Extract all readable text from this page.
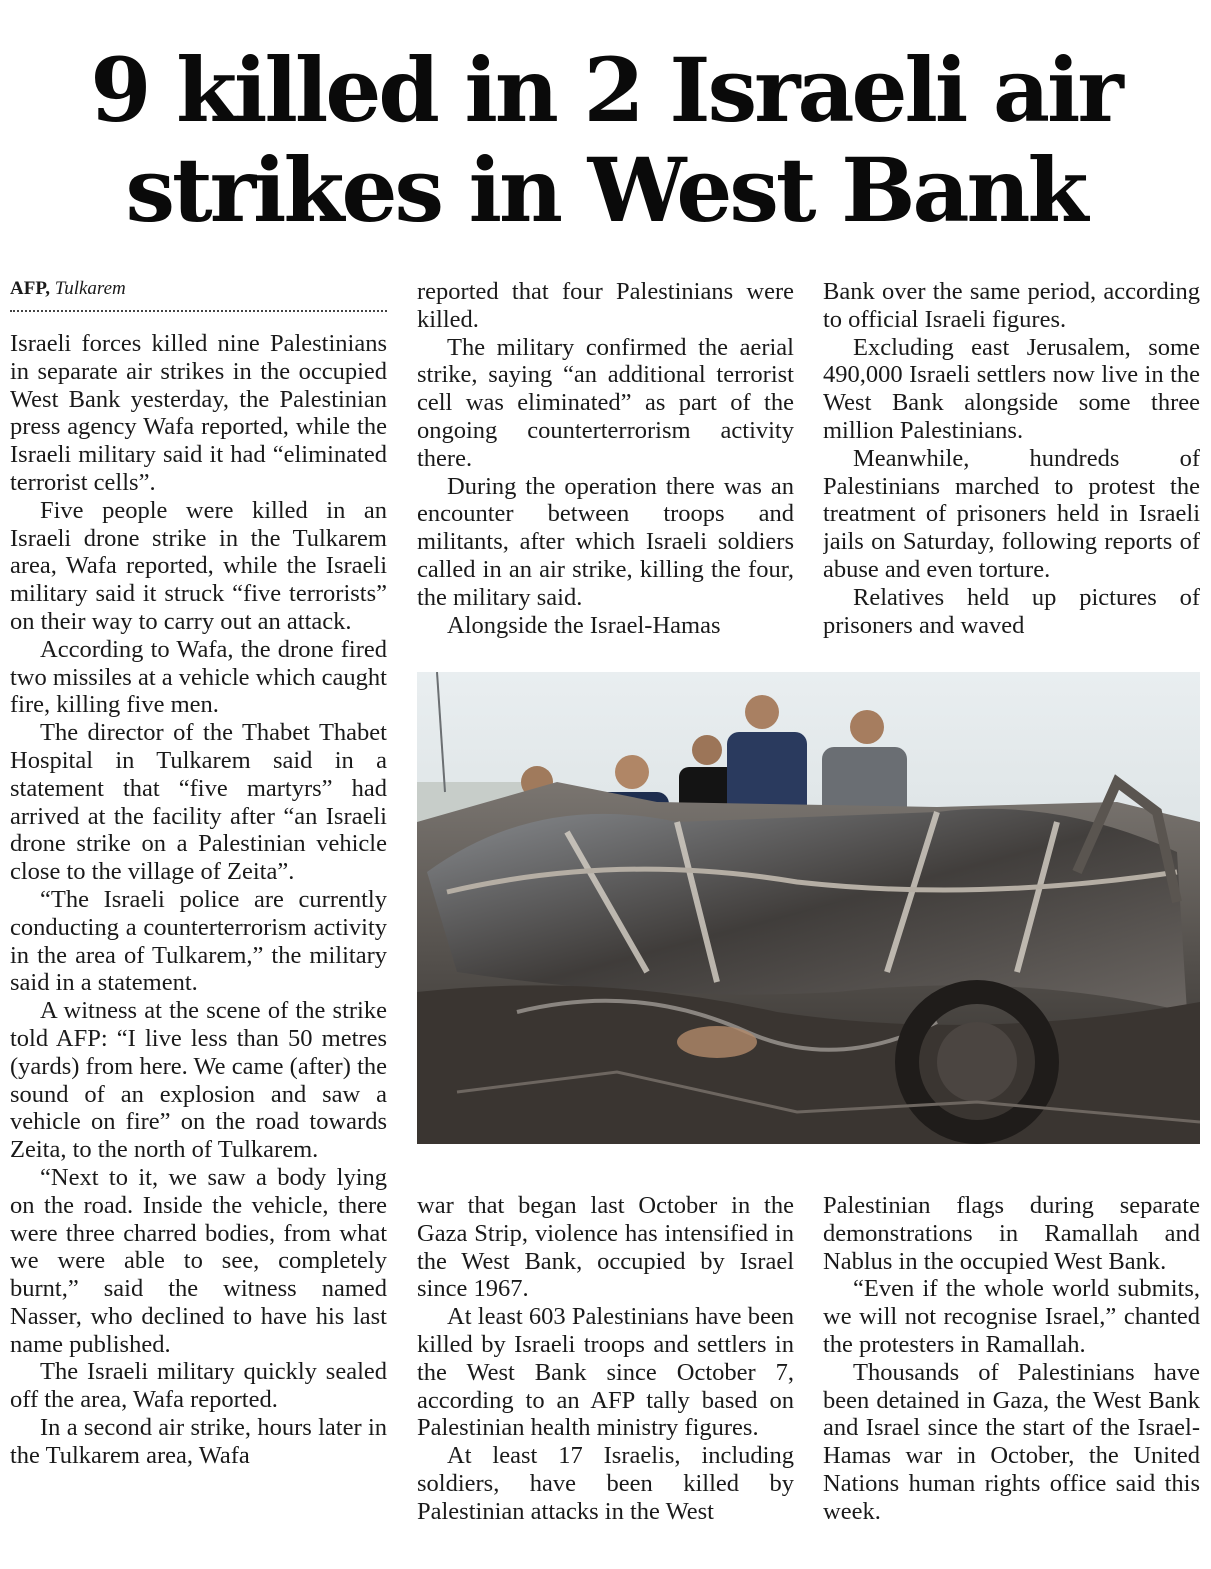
9 killed in 2 Israeli air
strikes in West Bank
AFP, Tulkarem

Israeli forces killed nine Palestinians in separate air strikes in the occupied West Bank yesterday, the Palestinian press agency Wafa reported, while the Israeli military said it had “eliminated terrorist cells”.

Five people were killed in an Israeli drone strike in the Tulkarem area, Wafa reported, while the Israeli military said it struck “five terrorists” on their way to carry out an attack.

According to Wafa, the drone fired two missiles at a vehicle which caught fire, killing five men.

The director of the Thabet Thabet Hospital in Tulkarem said in a statement that “five martyrs” had arrived at the facility after “an Israeli drone strike on a Palestinian vehicle close to the village of Zeita”.

“The Israeli police are currently conducting a counterterrorism activity in the area of Tulkarem,” the military said in a statement.

A witness at the scene of the strike told AFP: “I live less than 50 metres (yards) from here. We came (after) the sound of an explosion and saw a vehicle on fire” on the road towards Zeita, to the north of Tulkarem.

“Next to it, we saw a body lying on the road. Inside the vehicle, there were three charred bodies, from what we were able to see, completely burnt,” said the witness named Nasser, who declined to have his last name published.

The Israeli military quickly sealed off the area, Wafa reported.

In a second air strike, hours later in the Tulkarem area, Wafa

reported that four Palestinians were killed.

The military confirmed the aerial strike, saying “an additional terrorist cell was eliminated” as part of the ongoing counterterrorism activity there.

During the operation there was an encounter between troops and militants, after which Israeli soldiers called in an air strike, killing the four, the military said.

Alongside the Israel-Hamas

Bank over the same period, according to official Israeli figures.

Excluding east Jerusalem, some 490,000 Israeli settlers now live in the West Bank alongside some three million Palestinians.

Meanwhile, hundreds of Palestinians marched to protest the treatment of prisoners held in Israeli jails on Saturday, following reports of abuse and even torture.

Relatives held up pictures of prisoners and waved

war that began last October in the Gaza Strip, violence has intensified in the West Bank, occupied by Israel since 1967.

At least 603 Palestinians have been killed by Israeli troops and settlers in the West Bank since October 7, according to an AFP tally based on Palestinian health ministry figures.

At least 17 Israelis, including soldiers, have been killed by Palestinian attacks in the West

Palestinian flags during separate demonstrations in Ramallah and Nablus in the occupied West Bank.

“Even if the whole world submits, we will not recognise Israel,” chanted the protesters in Ramallah.

Thousands of Palestinians have been detained in Gaza, the West Bank and Israel since the start of the Israel-Hamas war in October, the United Nations human rights office said this week.
